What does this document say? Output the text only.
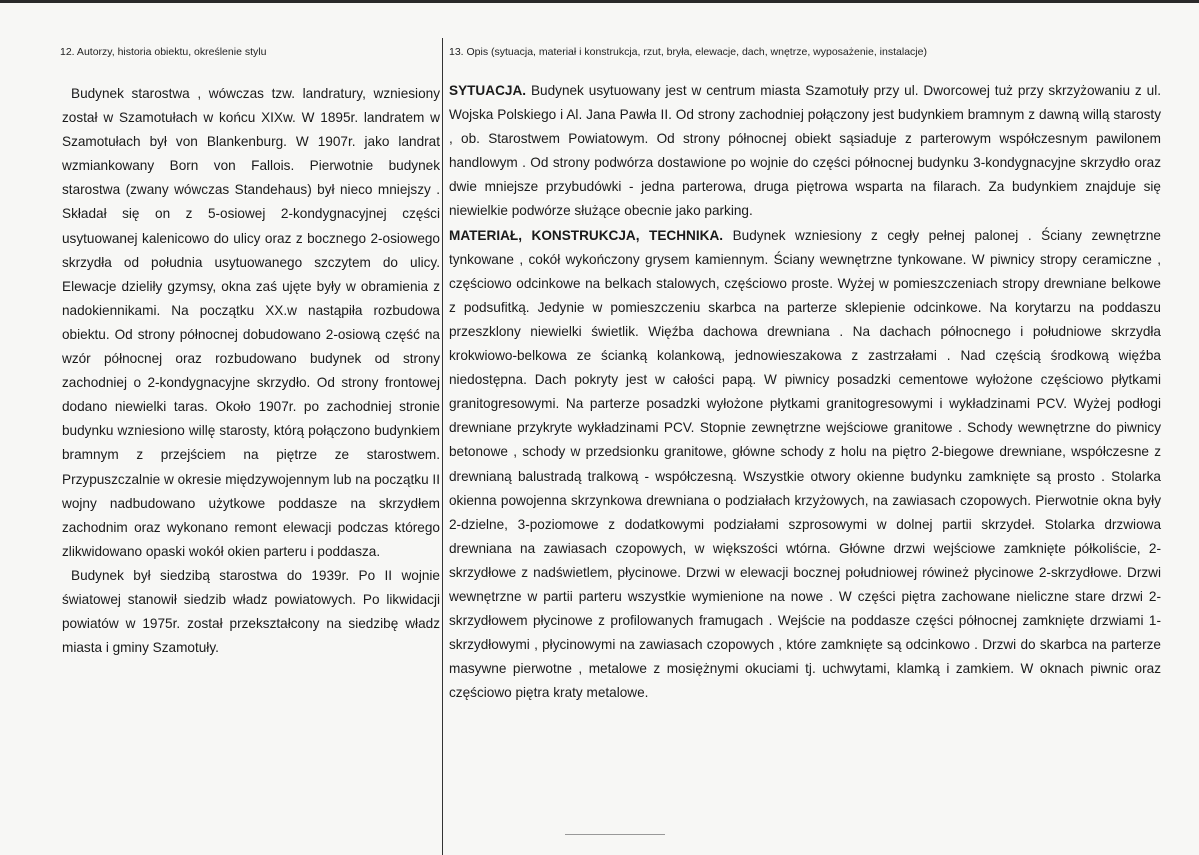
12. Autorzy, historia obiektu, określenie stylu	13. Opis (sytuacja, materiał i konstrukcja, rzut, bryła, elewacje, dach, wnętrze, wyposażenie, instalacje)

Budynek starostwa , wówczas tzw. landratury, wzniesiony został w Szamotułach w końcu XIXw. W 1895r. landratem w Szamotułach był von Blankenburg. W 1907r. jako landrat wzmiankowany Born von Fallois. Pierwotnie budynek starostwa (zwany wówczas Standehaus) był nieco mniejszy . Składał się on z 5-osiowej 2-kondygnacyjnej części usytuowanej kalenicowo do ulicy oraz z bocznego 2-osiowego skrzydła od południa usytuowanego szczytem do ulicy. Elewacje dzieliły gzymsy, okna zaś ujęte były w obramienia z nadokiennikami. Na początku XX.w nastąpiła rozbudowa obiektu. Od strony północnej dobudowano 2-osiową część na wzór północnej oraz rozbudowano budynek od strony zachodniej o 2-kondygnacyjne skrzydło. Od strony frontowej dodano niewielki taras. Około 1907r. po zachodniej stronie budynku wzniesiono willę starosty, którą połączono budynkiem bramnym z przejściem na piętrze ze starostwem. Przypuszczalnie w okresie międzywojennym lub na początku II wojny nadbudowano użytkowe poddasze na skrzydłem zachodnim oraz wykonano remont elewacji podczas którego zlikwidowano opaski wokół okien parteru i poddasza.

Budynek był siedzibą starostwa do 1939r. Po II wojnie światowej stanowił siedzib władz powiatowych. Po likwidacji powiatów w 1975r. został przekształcony na siedzibę władz miasta i gminy Szamotuły.

SYTUACJA. Budynek usytuowany jest w centrum miasta Szamotuły przy ul. Dworcowej tuż przy skrzyżowaniu z ul. Wojska Polskiego i Al. Jana Pawła II. Od strony zachodniej połączony jest budynkiem bramnym z dawną willą starosty , ob. Starostwem Powiatowym. Od strony północnej obiekt sąsiaduje z parterowym współczesnym pawilonem handlowym . Od strony podwórza dostawione po wojnie do części północnej budynku 3-kondygnacyjne skrzydło oraz dwie mniejsze przybudówki - jedna parterowa, druga piętrowa wsparta na filarach. Za budynkiem znajduje się niewielkie podwórze służące obecnie jako parking.

MATERIAŁ, KONSTRUKCJA, TECHNIKA. Budynek wzniesiony z cegły pełnej palonej . Ściany zewnętrzne tynkowane , cokół wykończony grysem kamiennym. Ściany wewnętrzne tynkowane. W piwnicy stropy ceramiczne , częściowo odcinkowe na belkach stalowych, częściowo proste. Wyżej w pomieszczeniach stropy drewniane belkowe z podsufitką. Jedynie w pomieszczeniu skarbca na parterze sklepienie odcinkowe. Na korytarzu na poddaszu przeszklony niewielki świetlik. Więźba dachowa drewniana . Na dachach północnego i południowe skrzydła krokwiowo-belkowa ze ścianką kolankową, jednowieszakowa z zastrzałami . Nad częścią środkową więźba niedostępna. Dach pokryty jest w całości papą. W piwnicy posadzki cementowe wyłożone częściowo płytkami granitogresowymi. Na parterze posadzki wyłożone płytkami granitogresowymi i wykładzinami PCV. Wyżej podłogi drewniane przykryte wykładzinami PCV. Stopnie zewnętrzne wejściowe granitowe . Schody wewnętrzne do piwnicy betonowe , schody w przedsionku granitowe, główne schody z holu na piętro 2-biegowe drewniane, współczesne z drewnianą balustradą tralkową - współczesną. Wszystkie otwory okienne budynku zamknięte są prosto . Stolarka okienna powojenna skrzynkowa drewniana o podziałach krzyżowych, na zawiasach czopowych. Pierwotnie okna były 2-dzielne, 3-poziomowe z dodatkowymi podziałami szprosowymi w dolnej partii skrzydeł. Stolarka drzwiowa drewniana na zawiasach czopowych, w większości wtórna. Główne drzwi wejściowe zamknięte półkoliście, 2-skrzydłowe z nadświetlem, płycinowe. Drzwi w elewacji bocznej południowej rówineż płycinowe 2-skrzydłowe. Drzwi wewnętrzne w partii parteru wszystkie wymienione na nowe . W części piętra zachowane nieliczne stare drzwi 2-skrzydłowem płycinowe z profilowanych framugach . Wejście na poddasze części północnej zamknięte drzwiami 1-skrzydłowymi , płycinowymi na zawiasach czopowych , które zamknięte są odcinkowo . Drzwi do skarbca na parterze masywne pierwotne , metalowe z mosiężnymi okuciami tj. uchwytami, klamką i zamkiem. W oknach piwnic oraz częściowo piętra kraty metalowe.
